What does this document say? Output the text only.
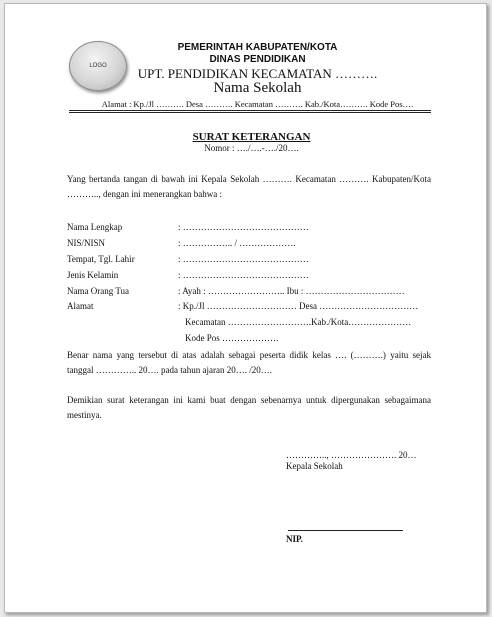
LOGO
PEMERINTAH KABUPATEN/KOTA
DINAS PENDIDIKAN
UPT. PENDIDIKAN KECAMATAN ……….
Nama Sekolah
Alamat : Kp./Jl ………. Desa ………. Kecamatan ………. Kab./Kota………. Kode Pos….
SURAT KETERANGAN
Nomor : …./….-…./20….
Yang bertanda tangan di bawah ini Kepala Sekolah ………. Kecamatan ………. Kabupaten/Kota ……….., dengan ini menerangkan bahwa :
Nama Lengkap	: ……………………………………
NIS/NISN	: …………….. / ……………….
Tempat, Tgl. Lahir	: ……………………………………
Jenis Kelamin	: ……………………………………
Nama Orang Tua	: Ayah : …………………….. Ibu : ……………………………
Alamat	: Kp./Jl ………………………… Desa ……………………………
Kecamatan ……………………….Kab./Kota…………………
Kode Pos ……………….
Benar nama yang tersebut di atas adalah sebagai peserta didik kelas …. (……….) yaitu sejak tanggal ………….. 20…. pada tahun ajaran 20…. /20….
Demikian surat keterangan ini kami buat dengan sebenarnya untuk dipergunakan sebagaimana mestinya.
………….., …………………. 20…
Kepala Sekolah
NIP.
